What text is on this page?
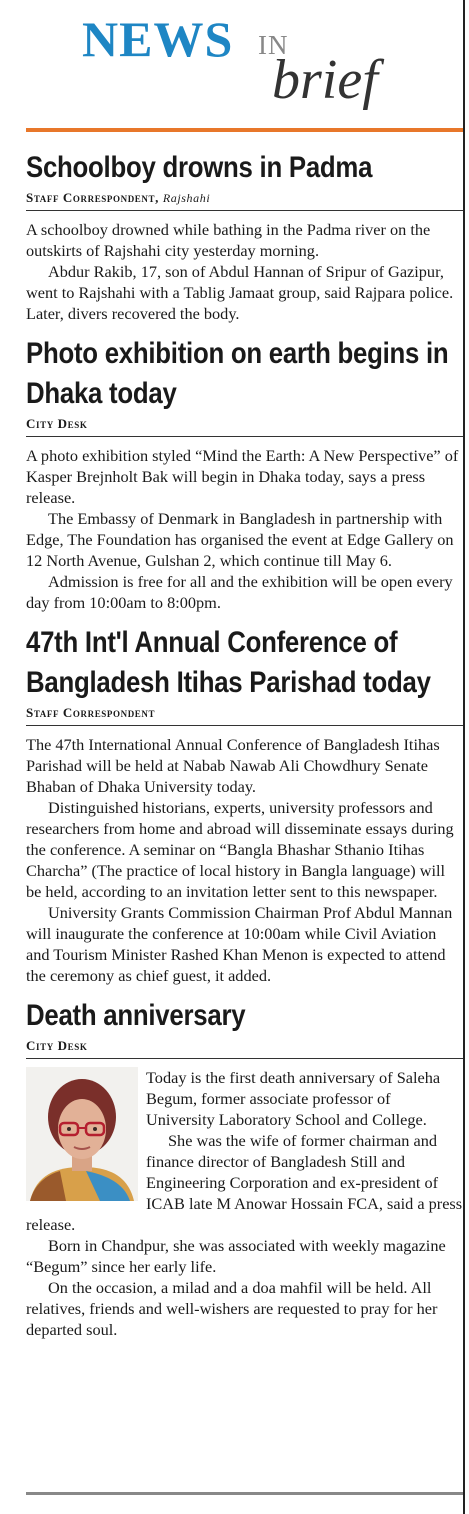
NEWS IN
brief
Schoolboy drowns in Padma
Staff Correspondent, Rajshahi

A schoolboy drowned while bathing in the Padma river on the outskirts of Rajshahi city yesterday morning.

Abdur Rakib, 17, son of Abdul Hannan of Sripur of Gazipur, went to Rajshahi with a Tablig Jamaat group, said Rajpara police. Later, divers recovered the body.

Photo exhibition on earth begins in Dhaka today
City Desk

A photo exhibition styled “Mind the Earth: A New Perspective” of Kasper Brejnholt Bak will begin in Dhaka today, says a press release.

The Embassy of Denmark in Bangladesh in partnership with Edge, The Foundation has organised the event at Edge Gallery on 12 North Avenue, Gulshan 2, which continue till May 6.

Admission is free for all and the exhibition will be open every day from 10:00am to 8:00pm.

47th Int'l Annual Conference of Bangladesh Itihas Parishad today
Staff Correspondent

The 47th International Annual Conference of Bangladesh Itihas Parishad will be held at Nabab Nawab Ali Chowdhury Senate Bhaban of Dhaka University today.

Distinguished historians, experts, university professors and researchers from home and abroad will disseminate essays during the conference. A seminar on “Bangla Bhashar Sthanio Itihas Charcha” (The practice of local history in Bangla language) will be held, according to an invitation letter sent to this newspaper.

University Grants Commission Chairman Prof Abdul Mannan will inaugurate the conference at 10:00am while Civil Aviation and Tourism Minister Rashed Khan Menon is expected to attend the ceremony as chief guest, it added.

Death anniversary
City Desk

Today is the first death anniversary of Saleha Begum, former associate professor of University Laboratory School and College.

She was the wife of former chairman and finance director of Bangladesh Still and Engineering Corporation and ex-president of ICAB late M Anowar Hossain FCA, said a press release.

Born in Chandpur, she was associated with weekly magazine “Begum” since her early life.

On the occasion, a milad and a doa mahfil will be held. All relatives, friends and well-wishers are requested to pray for her departed soul.
